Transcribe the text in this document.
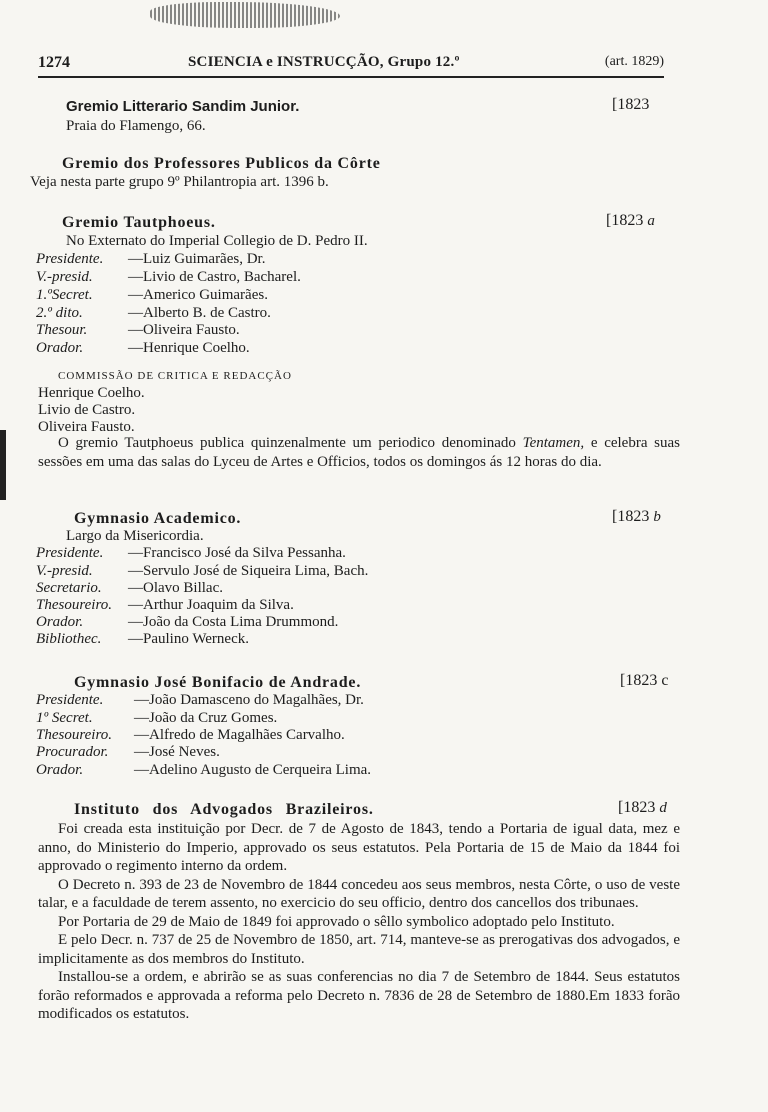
1274	SCIENCIA e INSTRUCÇÃO, Grupo 12.º	(art. 1829)
Gremio Litterario Sandim Junior.	[1823
Praia do Flamengo, 66.
Gremio dos Professores Publicos da Côrte
Veja nesta parte grupo 9º Philantropia art. 1396 b.
Gremio Tautphoeus.	[1823 a
No Externato do Imperial Collegio de D. Pedro II.
Presidente. —Luiz Guimarães, Dr.
V.-presid. —Livio de Castro, Bacharel.
1.ºSecret. —Americo Guimarães.
2.º dito.	—Alberto B. de Castro.
Thesour.	—Oliveira Fausto.
Orador.	—Henrique Coelho.
COMMISSÃO DE CRITICA E REDACÇÃO
Henrique Coelho.
Livio de Castro.
Oliveira Fausto.

O gremio Tautphoeus publica quinzenalmente um periodico denominado Tentamen, e celebra suas sessões em uma das salas do Lyceu de Artes e Officios, todos os domingos ás 12 horas do dia.

Gymnasio Academico.	[1823 b
Largo da Misericordia.
Presidente. —Francisco José da Silva Pessanha.
V.-presid. —Servulo José de Siqueira Lima, Bach.
Secretario. —Olavo Billac.
Thesoureiro. —Arthur Joaquim da Silva.
Orador.	—João da Costa Lima Drummond.
Bibliothec. —Paulino Werneck.
Gymnasio José Bonifacio de Andrade.	[1823 c
Presidente. —João Damasceno do Magalhães, Dr.
1º Secret.	—João da Cruz Gomes.
Thesoureiro. —Alfredo de Magalhães Carvalho.
Procurador. —José Neves.
Orador.	—Adelino Augusto de Cerqueira Lima.
Instituto dos Advogados Brazileiros.	[1823 d

Foi creada esta instituição por Decr. de 7 de Agosto de 1843, tendo a Portaria de igual data, mez e anno, do Ministerio do Imperio, approvado os seus estatutos. Pela Portaria de 15 de Maio da 1844 foi approvado o regimento interno da ordem.

O Decreto n. 393 de 23 de Novembro de 1844 concedeu aos seus membros, nesta Côrte, o uso de veste talar, e a faculdade de terem assento, no exercicio do seu officio, dentro dos cancellos dos tribunaes.

Por Portaria de 29 de Maio de 1849 foi approvado o sêllo symbolico adoptado pelo Instituto.

E pelo Decr. n. 737 de 25 de Novembro de 1850, art. 714, manteve-se as prerogativas dos advogados, e implicitamente as dos membros do Instituto.

Installou-se a ordem, e abrirão se as suas conferencias no dia 7 de Setembro de 1844. Seus estatutos forão reformados e approvada a reforma pelo Decreto n. 7836 de 28 de Setembro de 1880.Em 1833 forão modificados os estatutos.
